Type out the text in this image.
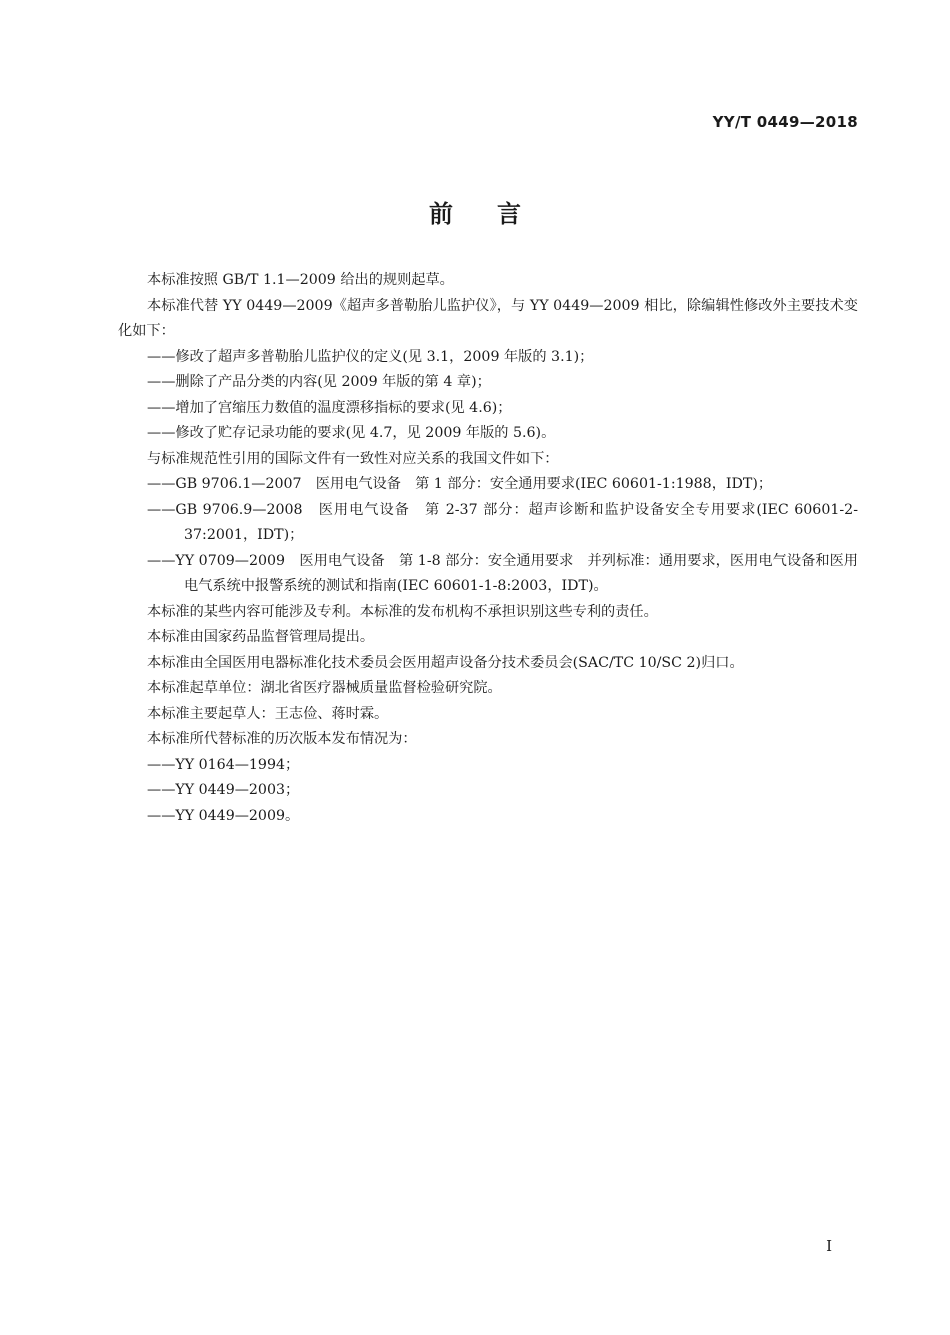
YY/T 0449—2018
前言

本标准按照 GB/T 1.1—2009 给出的规则起草。

本标准代替 YY 0449—2009《超声多普勒胎儿监护仪》，与 YY 0449—2009 相比，除编辑性修改外主要技术变化如下：

——修改了超声多普勒胎儿监护仪的定义(见 3.1，2009 年版的 3.1)；

——删除了产品分类的内容(见 2009 年版的第 4 章)；

——增加了宫缩压力数值的温度漂移指标的要求(见 4.6)；

——修改了贮存记录功能的要求(见 4.7，见 2009 年版的 5.6)。

与标准规范性引用的国际文件有一致性对应关系的我国文件如下：

——GB 9706.1—2007　医用电气设备　第 1 部分：安全通用要求(IEC 60601-1:1988，IDT)；

——GB 9706.9—2008　医用电气设备　第 2-37 部分：超声诊断和监护设备安全专用要求(IEC 60601-2-37:2001，IDT)；

——YY 0709—2009　医用电气设备　第 1-8 部分：安全通用要求　并列标准：通用要求，医用电气设备和医用电气系统中报警系统的测试和指南(IEC 60601-1-8:2003，IDT)。

本标准的某些内容可能涉及专利。本标准的发布机构不承担识别这些专利的责任。

本标准由国家药品监督管理局提出。

本标准由全国医用电器标准化技术委员会医用超声设备分技术委员会(SAC/TC 10/SC 2)归口。

本标准起草单位：湖北省医疗器械质量监督检验研究院。

本标准主要起草人：王志俭、蒋时霖。

本标准所代替标准的历次版本发布情况为：

——YY 0164—1994；

——YY 0449—2003；

——YY 0449—2009。

I
